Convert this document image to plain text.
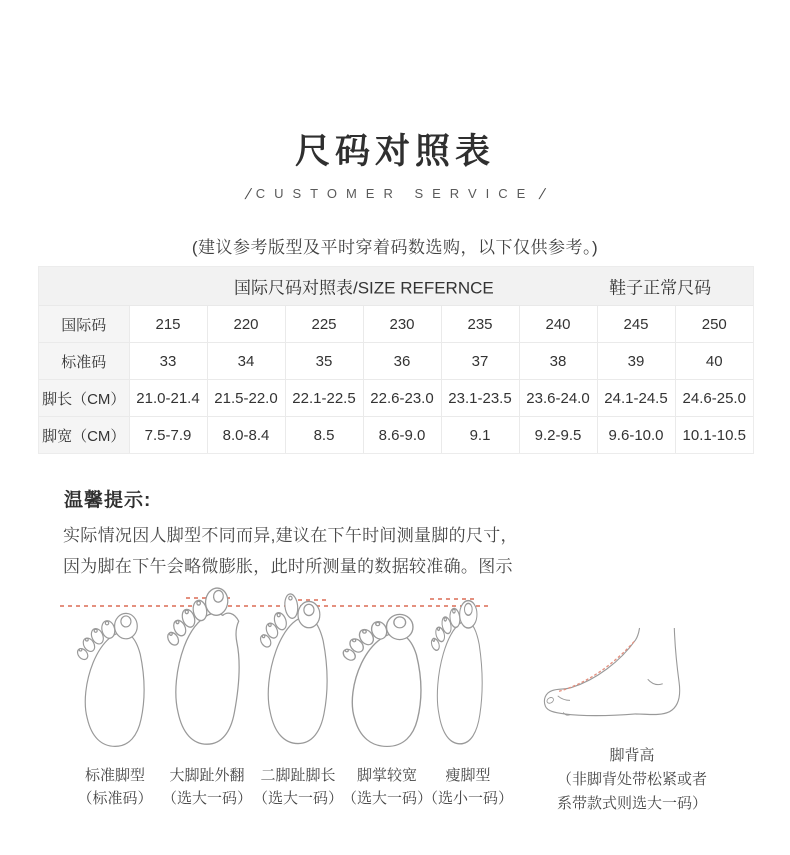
尺码对照表
/ CUSTOMER SERVICE /
(建议参考版型及平时穿着码数选购，以下仅供参考。)
国际尺码对照表/SIZE REFERNCE	鞋子正常尺码
国际码	215	220	225	230	235	240	245	250
标准码	33	34	35	36	37	38	39	40
脚长（CM）	21.0-21.4	21.5-22.0	22.1-22.5	22.6-23.0	23.1-23.5	23.6-24.0	24.1-24.5	24.6-25.0
脚宽（CM）	7.5-7.9	8.0-8.4	8.5	8.6-9.0	9.1	9.2-9.5	9.6-10.0	10.1-10.5
温馨提示:
实际情况因人脚型不同而异,建议在下午时间测量脚的尺寸，
因为脚在下午会略微膨胀，此时所测量的数据较准确。图示
标准脚型
（标准码）
大脚趾外翻
（选大一码）
二脚趾脚长
（选大一码）
脚掌较宽
（选大一码）
瘦脚型
（选小一码）
脚背高
（非脚背处带松紧或者
系带款式则选大一码）
